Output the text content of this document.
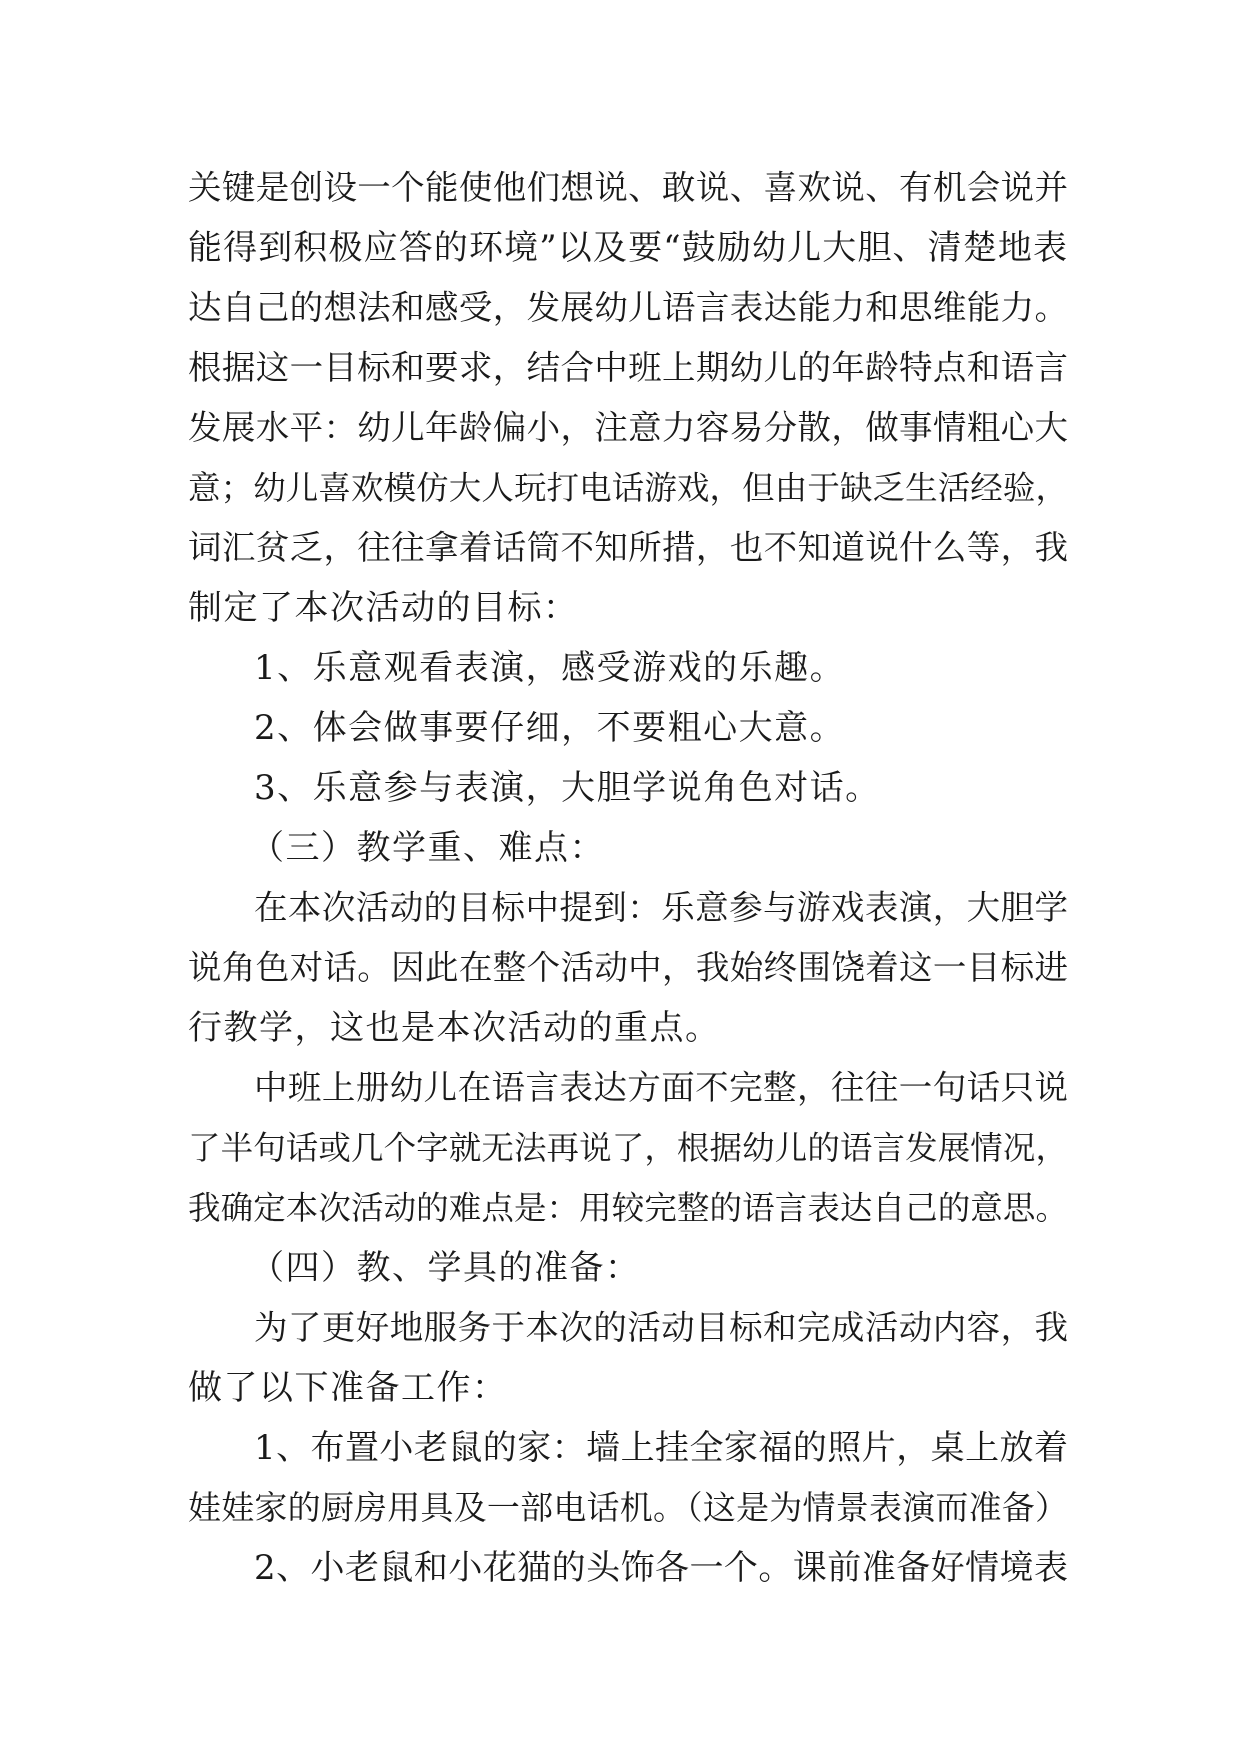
关键是创设一个能使他们想说、敢说、喜欢说、有机会说并
能得到积极应答的环境”以及要“鼓励幼儿大胆、清楚地表
达自己的想法和感受，发展幼儿语言表达能力和思维能力。
根据这一目标和要求，结合中班上期幼儿的年龄特点和语言
发展水平：幼儿年龄偏小，注意力容易分散，做事情粗心大
意；幼儿喜欢模仿大人玩打电话游戏，但由于缺乏生活经验，
词汇贫乏，往往拿着话筒不知所措，也不知道说什么等，我
制定了本次活动的目标：
1、乐意观看表演，感受游戏的乐趣。
2、体会做事要仔细，不要粗心大意。
3、乐意参与表演，大胆学说角色对话。
（三）教学重、难点：
在本次活动的目标中提到：乐意参与游戏表演，大胆学
说角色对话。因此在整个活动中，我始终围饶着这一目标进
行教学，这也是本次活动的重点。
中班上册幼儿在语言表达方面不完整，往往一句话只说
了半句话或几个字就无法再说了，根据幼儿的语言发展情况，
我确定本次活动的难点是：用较完整的语言表达自己的意思。
（四）教、学具的准备：
为了更好地服务于本次的活动目标和完成活动内容，我
做了以下准备工作：
1、布置小老鼠的家：墙上挂全家福的照片，桌上放着
娃娃家的厨房用具及一部电话机。（这是为情景表演而准备）
2、小老鼠和小花猫的头饰各一个。课前准备好情境表
